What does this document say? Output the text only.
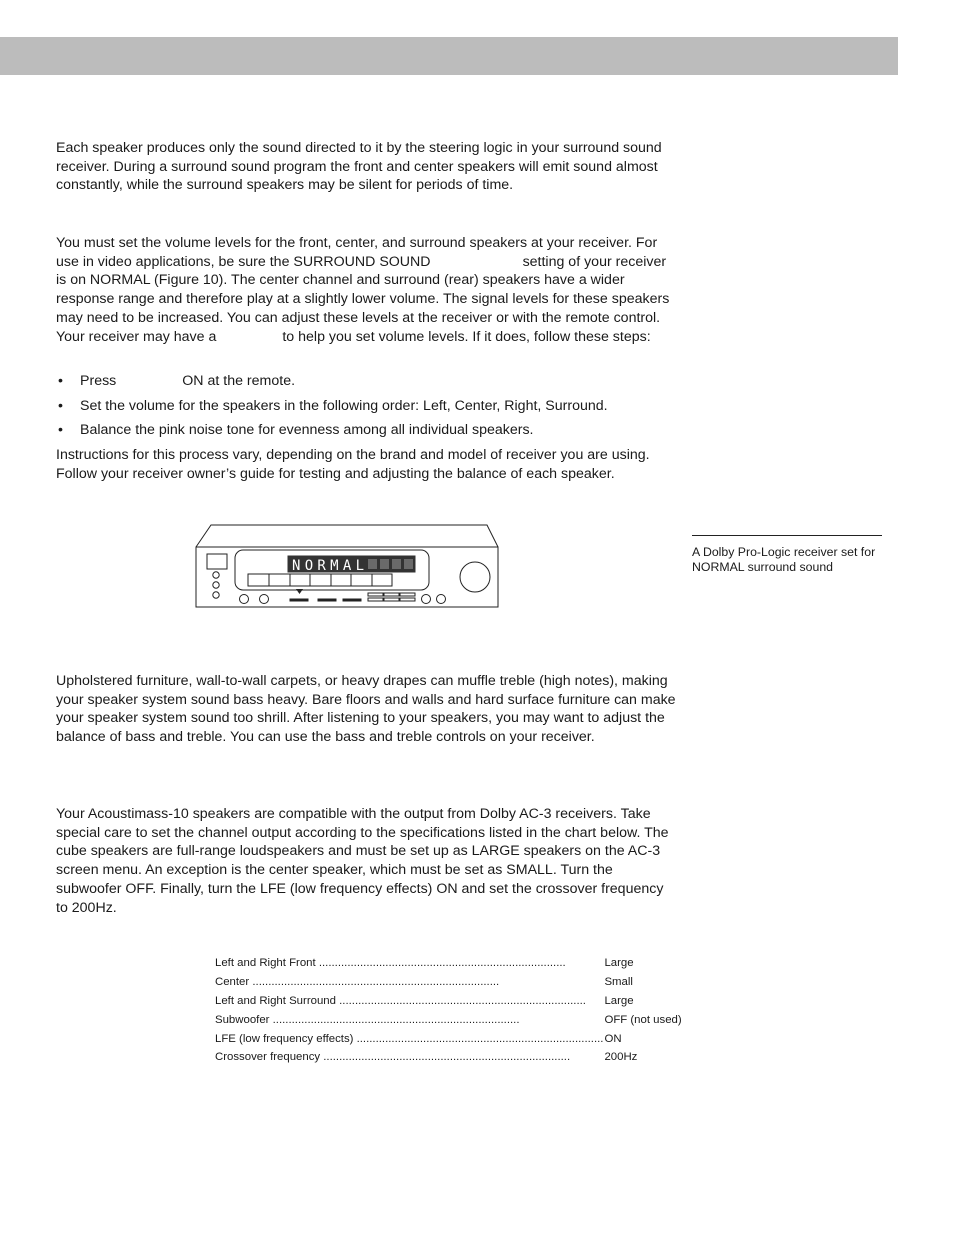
Each speaker produces only the sound directed to it by the steering logic in your surround sound receiver. During a surround sound program the front and center speakers will emit sound almost constantly, while the surround speakers may be silent for periods of time.

You must set the volume levels for the front, center, and surround speakers at your receiver. For use in video applications, be sure the SURROUND SOUND	setting of your receiver is on NORMAL (Figure 10). The center channel and surround (rear) speakers have a wider response range and therefore play at a slightly lower volume. The signal levels for these speakers may need to be increased. You can adjust these levels at the receiver or with the remote control. Your receiver may have a	to help you set volume levels. If it does, follow these steps:

• Press	ON at the remote.
• Set the volume for the speakers in the following order: Left, Center, Right, Surround.
• Balance the pink noise tone for evenness among all individual speakers.

Instructions for this process vary, depending on the brand and model of receiver you are using. Follow your receiver owner’s guide for testing and adjusting the balance of each speaker.

NORMAL

A Dolby Pro-Logic receiver set for NORMAL surround sound

Upholstered furniture, wall-to-wall carpets, or heavy drapes can muffle treble (high notes), making your speaker system sound bass heavy. Bare floors and walls and hard surface furniture can make your speaker system sound too shrill. After listening to your speakers, you may want to adjust the balance of bass and treble. You can use the bass and treble controls on your receiver.

Your Acoustimass-10 speakers are compatible with the output from Dolby AC-3 receivers. Take special care to set the channel output according to the specifications listed in the chart below. The cube speakers are full-range loudspeakers and must be set up as LARGE speakers on the AC-3 screen menu. An exception is the center speaker, which must be set as SMALL. Turn the subwoofer OFF. Finally, turn the LFE (low frequency effects) ON and set the crossover frequency to 200Hz.

Left and Right Front ..............................................................................	Large
Center ..............................................................................	Small
Left and Right Surround ..............................................................................	Large
Subwoofer ..............................................................................	OFF (not used)
LFE (low frequency effects) ..............................................................................	ON
Crossover frequency ..............................................................................	200Hz
